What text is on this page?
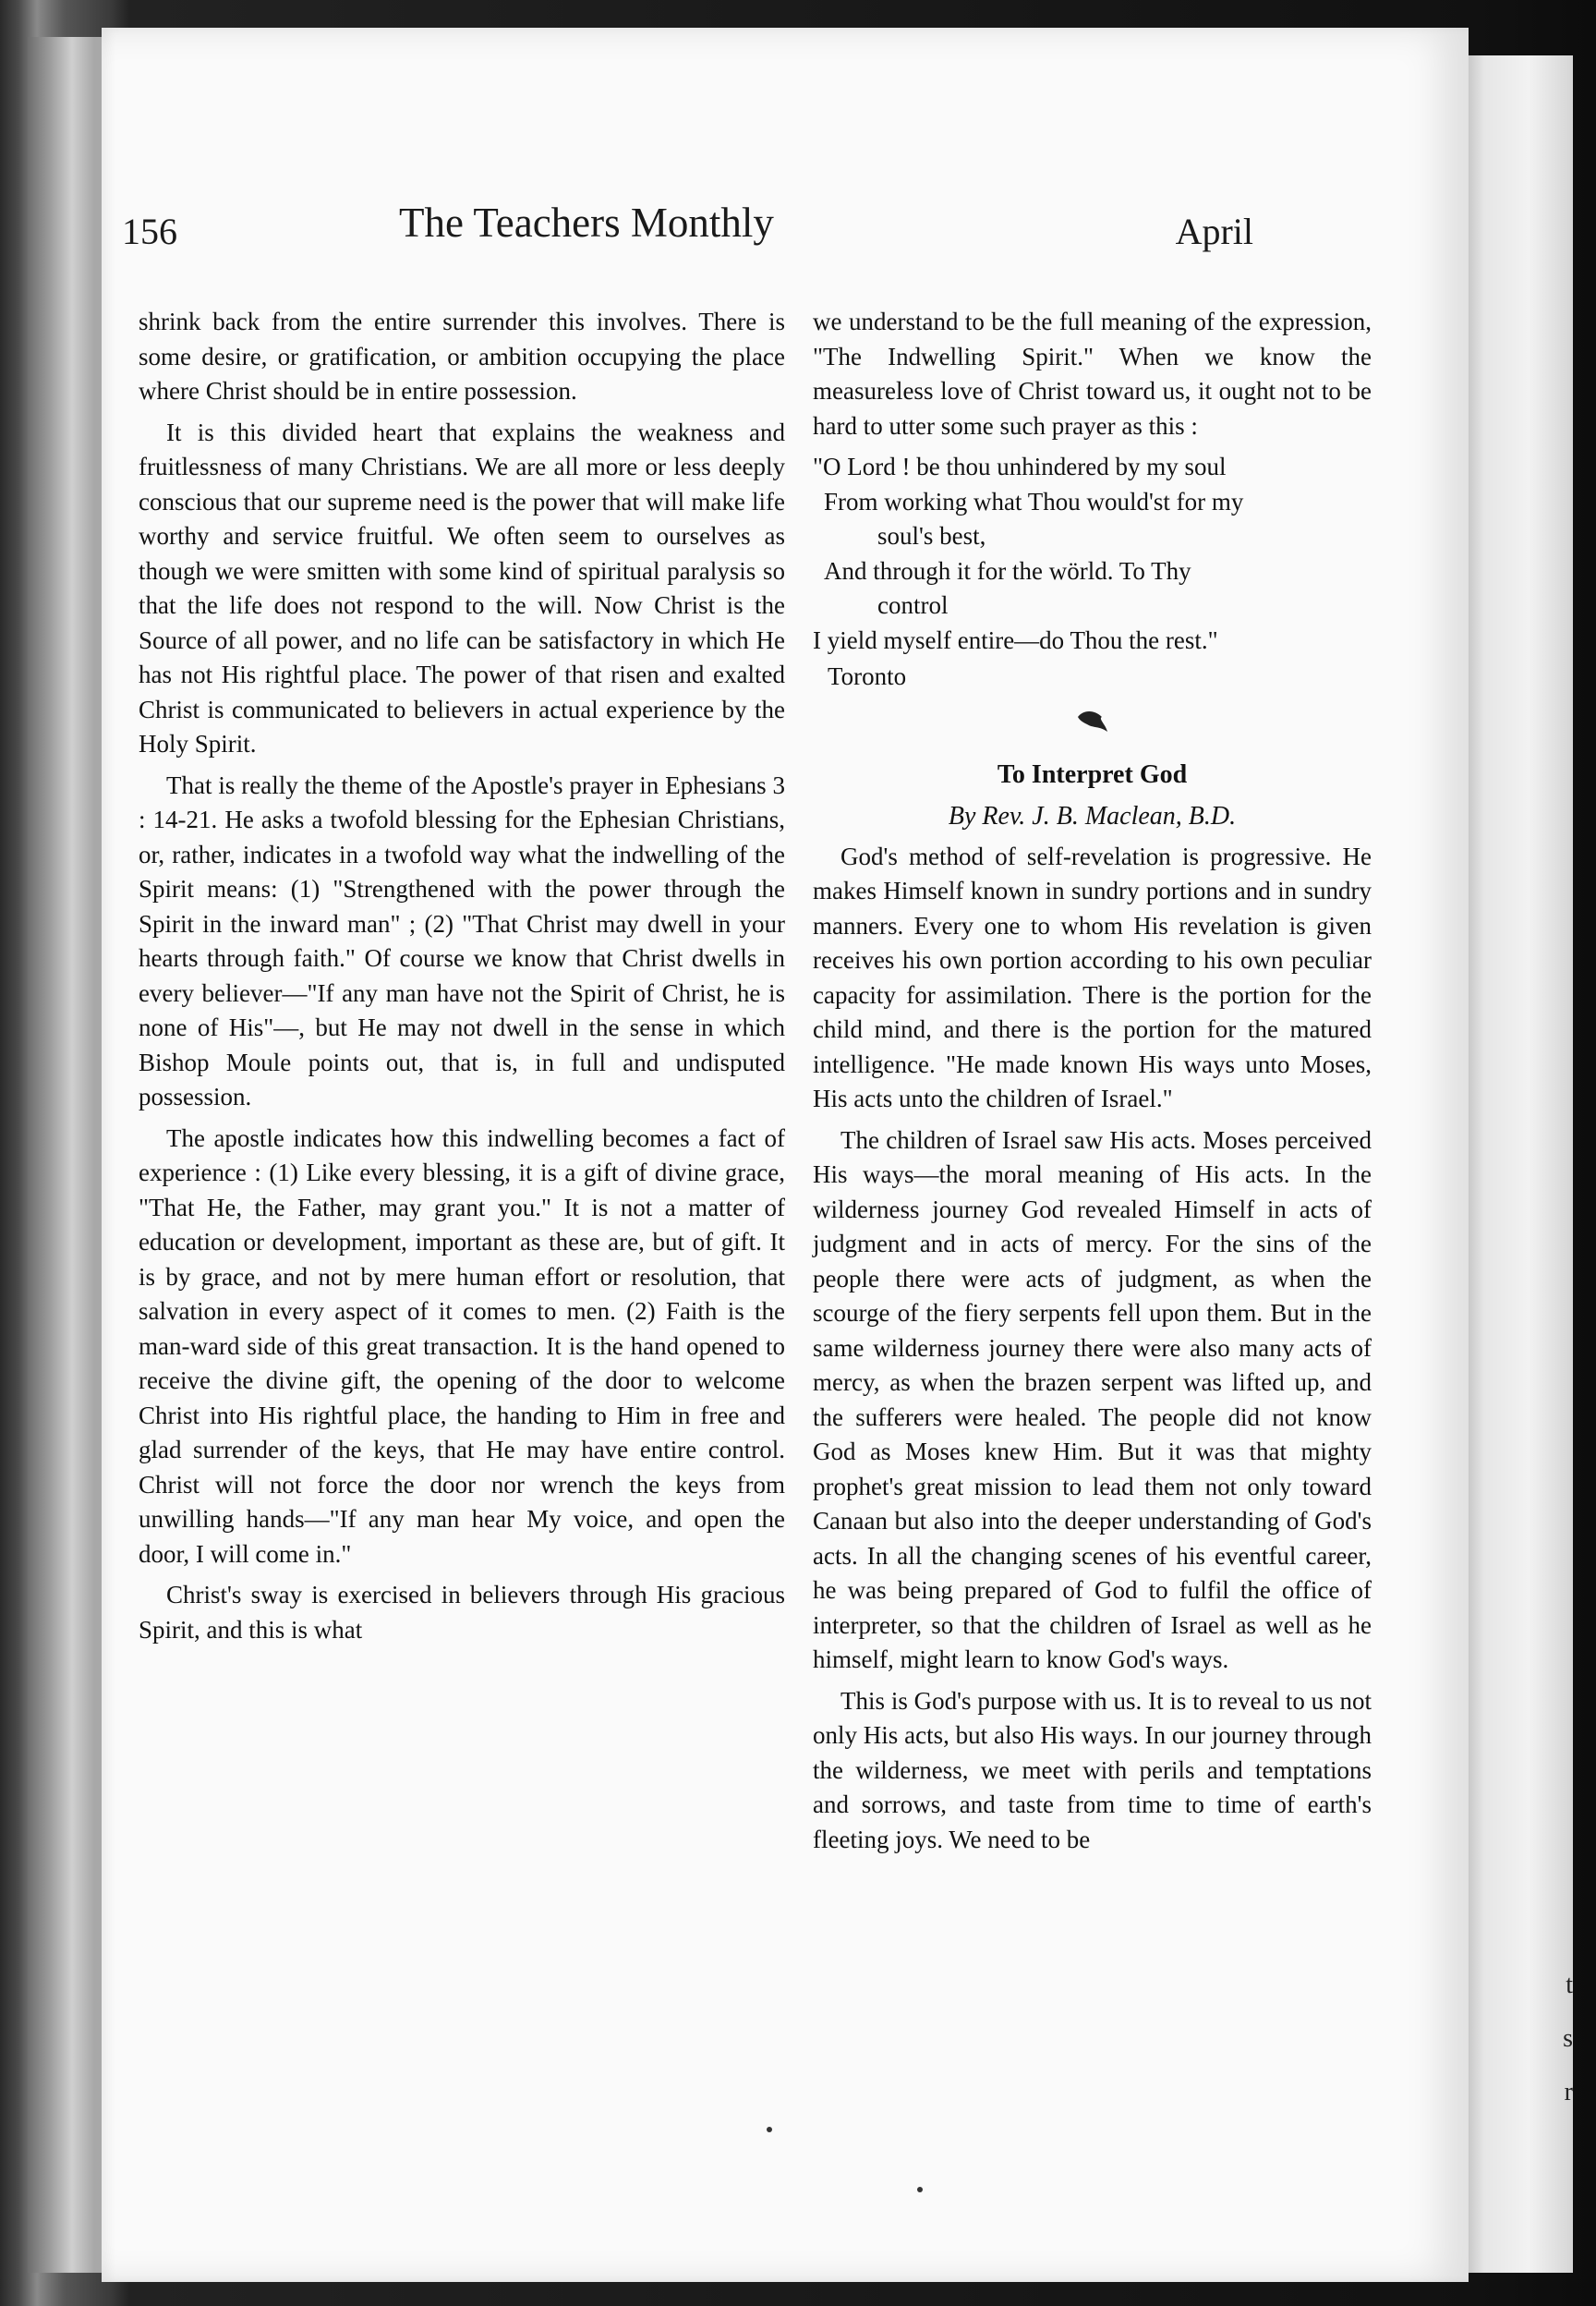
t
s
r
156	The Teachers Monthly	April

shrink back from the entire surrender this involves. There is some desire, or gratification, or ambition occupying the place where Christ should be in entire possession.

It is this divided heart that explains the weakness and fruitlessness of many Christians. We are all more or less deeply conscious that our supreme need is the power that will make life worthy and service fruitful. We often seem to ourselves as though we were smitten with some kind of spiritual paralysis so that the life does not respond to the will. Now Christ is the Source of all power, and no life can be satisfactory in which He has not His rightful place. The power of that risen and exalted Christ is communicated to believers in actual experience by the Holy Spirit.

That is really the theme of the Apostle's prayer in Ephesians 3 : 14-21. He asks a twofold blessing for the Ephesian Christians, or, rather, indicates in a twofold way what the indwelling of the Spirit means: (1) "Strengthened with the power through the Spirit in the inward man" ; (2) "That Christ may dwell in your hearts through faith." Of course we know that Christ dwells in every believer—"If any man have not the Spirit of Christ, he is none of His"—, but He may not dwell in the sense in which Bishop Moule points out, that is, in full and undisputed possession.

The apostle indicates how this indwelling becomes a fact of experience : (1) Like every blessing, it is a gift of divine grace, "That He, the Father, may grant you." It is not a matter of education or development, important as these are, but of gift. It is by grace, and not by mere human effort or resolution, that salvation in every aspect of it comes to men. (2) Faith is the man-ward side of this great transaction. It is the hand opened to receive the divine gift, the opening of the door to welcome Christ into His rightful place, the handing to Him in free and glad surrender of the keys, that He may have entire control. Christ will not force the door nor wrench the keys from unwilling hands—"If any man hear My voice, and open the door, I will come in."

Christ's sway is exercised in believers through His gracious Spirit, and this is what

we understand to be the full meaning of the expression, "The Indwelling Spirit." When we know the measureless love of Christ toward us, it ought not to be hard to utter some such prayer as this :

"O Lord ! be thou unhindered by my soul
From working what Thou would'st for my
soul's best,
And through it for the wörld. To Thy
control
I yield myself entire—do Thou the rest."
Toronto
To Interpret God
By Rev. J. B. Maclean, B.D.

God's method of self-revelation is progressive. He makes Himself known in sundry portions and in sundry manners. Every one to whom His revelation is given receives his own portion according to his own peculiar capacity for assimilation. There is the portion for the child mind, and there is the portion for the matured intelligence. "He made known His ways unto Moses, His acts unto the children of Israel."

The children of Israel saw His acts. Moses perceived His ways—the moral meaning of His acts. In the wilderness journey God revealed Himself in acts of judgment and in acts of mercy. For the sins of the people there were acts of judgment, as when the scourge of the fiery serpents fell upon them. But in the same wilderness journey there were also many acts of mercy, as when the brazen serpent was lifted up, and the sufferers were healed. The people did not know God as Moses knew Him. But it was that mighty prophet's great mission to lead them not only toward Canaan but also into the deeper understanding of God's acts. In all the changing scenes of his eventful career, he was being prepared of God to fulfil the office of interpreter, so that the children of Israel as well as he himself, might learn to know God's ways.

This is God's purpose with us. It is to reveal to us not only His acts, but also His ways. In our journey through the wilderness, we meet with perils and temptations and sorrows, and taste from time to time of earth's fleeting joys. We need to be
